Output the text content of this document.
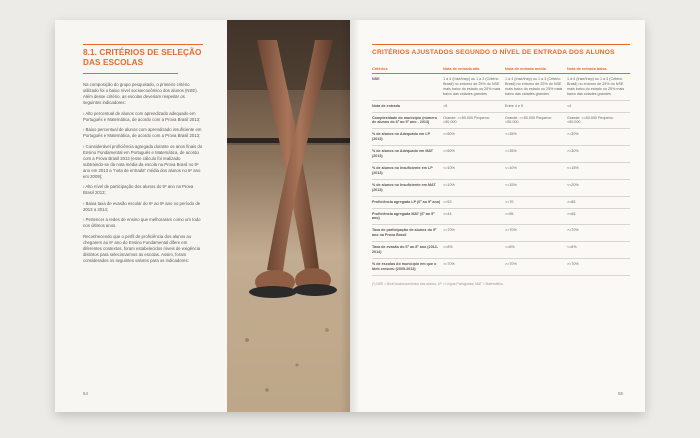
8.1. CRITÉRIOS DE SELEÇÃO DAS ESCOLAS

Na composição do grupo pesquisado, o primeiro critério utilizado foi o baixo nível socioeconômico dos alunos (NSE). Além desse critério, as escolas deveriam respeitar os seguintes indicadores:

› Alto percentual de alunos com aprendizado adequado em Português e Matemática, de acordo com a Prova Brasil 2013;

› Baixo percentual de alunos com aprendizado insuficiente em Português e Matemática, de acordo com a Prova Brasil 2013;

› Considerável proficiência agregada durante os anos finais do Ensino Fundamental em Português e Matemática, de acordo com a Prova Brasil 2013 (esse cálculo foi realizado subtraindo-se da nota média da escola na Prova Brasil no 9º ano em 2013 a "nota de entrada" média dos alunos no 6º ano em 2009);

› Alto nível de participação dos alunos do 9º ano na Prova Brasil 2013;

› Baixa taxa de evasão escolar do 6º ao 8º ano no período de 2013 a 2014;

› Pertencer a redes de ensino que melhoraram como um todo nos últimos anos.

Reconhecendo que o perfil de proficiência dos alunos ao chegarem ao 6º ano do Ensino Fundamental difere em diferentes contextos, foram estabelecidos níveis de exigência distintos para selecionarmos as escolas. Assim, foram considerados os seguintes valores para os indicadores:

54
CRITÉRIOS AJUSTADOS SEGUNDO O NÍVEL DE ENTRADA DOS ALUNOS
Critérios	Nota de entrada alta	Nota de entrada média	Nota de entrada baixa
NSE	1 a 4 (Inse/Inep) ou 1 a 3 (Critério Brasil) no entorno de 25% do NSE mais baixo do estado ou 25% mais baixo das cidades grandes	1 a 4 (Inse/Inep) ou 1 a 3 (Critério Brasil) no entorno de 25% do NSE mais baixo do estado ou 25% mais baixo das cidades grandes	1 a 4 (Inse/Inep) ou 1 a 3 (Critério Brasil) no entorno de 25% do NSE mais baixo do estado ou 25% mais baixo das cidades grandes
Nota de entrada	>5	Entre 4 e 5	<4
Complexidade do município (número de alunos do 6º ao 9º ano - 2013)	Grande: >=50.000 Pequeno: <50.000	Grande: >=50.000 Pequeno: <50.000	Grande: >=50.000 Pequeno: <50.000
% de alunos no Adequado em LP (2013)	>=50%	>=35%	>=30%
% de alunos no Adequado em MAT (2013)	>=50%	>=35%	>=30%
% de alunos no Insuficiente em LP (2013)	<=10%	<=10%	<=15%
% de alunos no Insuficiente em MAT (2013)	<=10%	<=15%	<=20%
Proficiência agregada LP (6º ao 9º ano)	>=53	>=70	>=85
Proficiência agregada MAT (6º ao 9º ano)	>=44	>=55	>=65
Taxa de participação de alunos do 9º ano na Prova Brasil	>=70%	>=70%	>=70%
Taxa de evasão do 6º ao 8º ano (2013-2014)	<=8%	<=8%	<=8%
% de escolas do município em que o Ideb cresceu (2009-2013)	>=70%	>=70%	>=70%
(*) NSE = Nível socioeconômico dos alunos; LP = Língua Portuguesa; MAT = Matemática.
55
